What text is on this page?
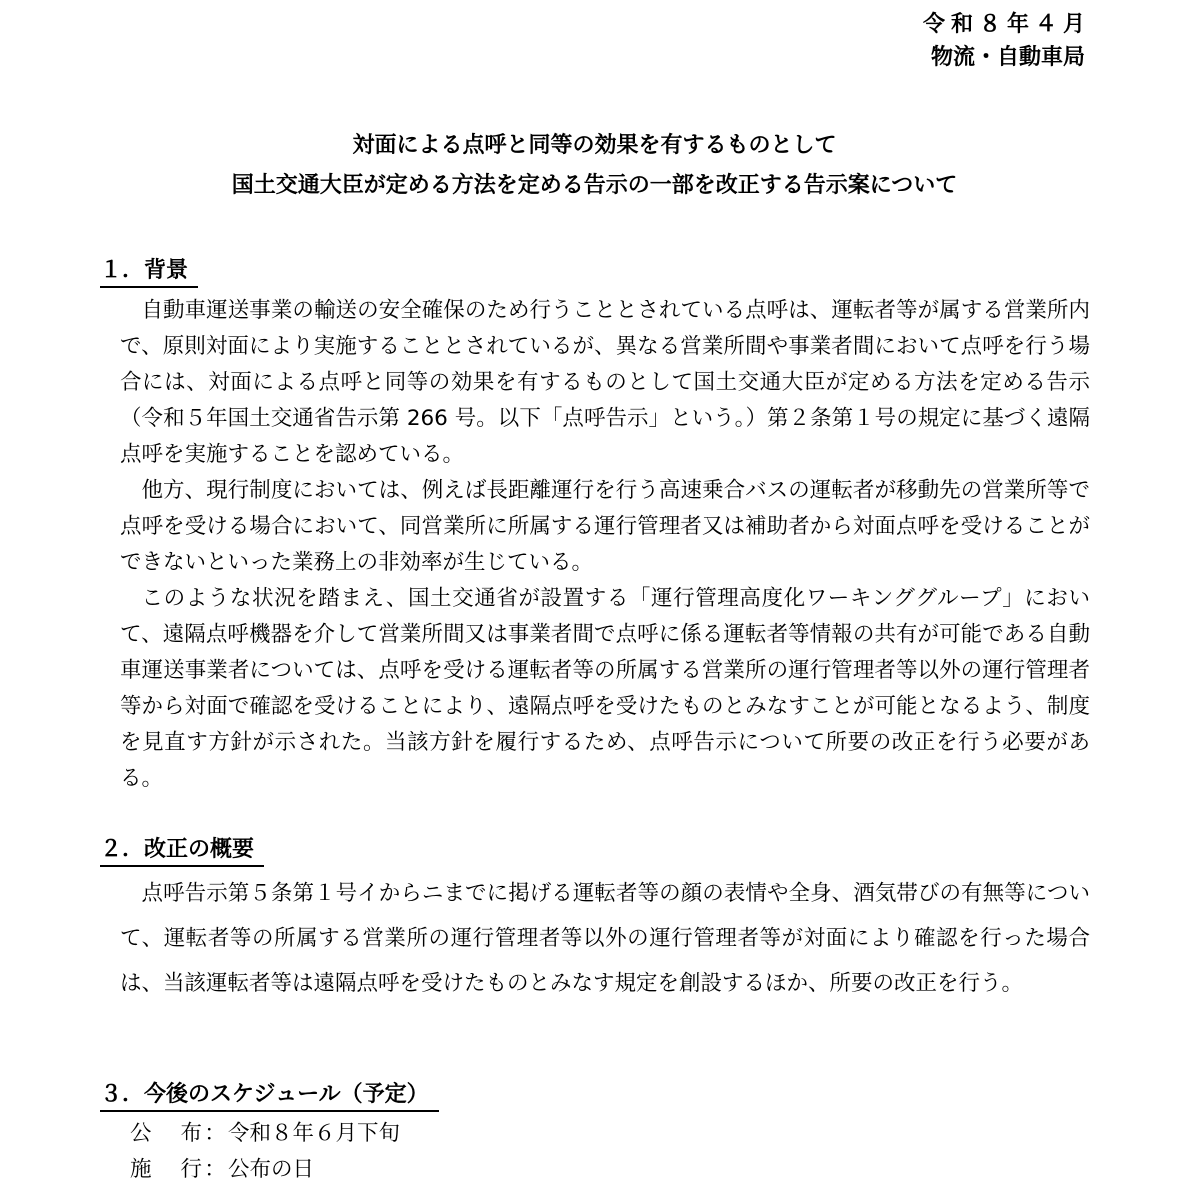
令和８年４月
物流・自動車局
対面による点呼と同等の効果を有するものとして
国土交通大臣が定める方法を定める告示の一部を改正する告示案について
１．背景

自動車運送事業の輸送の安全確保のため行うこととされている点呼は、運転者等が属する営業所内で、原則対面により実施することとされているが、異なる営業所間や事業者間において点呼を行う場合には、対面による点呼と同等の効果を有するものとして国土交通大臣が定める方法を定める告示（令和５年国土交通省告示第 266 号。以下「点呼告示」という。）第２条第１号の規定に基づく遠隔点呼を実施することを認めている。

他方、現行制度においては、例えば長距離運行を行う高速乗合バスの運転者が移動先の営業所等で点呼を受ける場合において、同営業所に所属する運行管理者又は補助者から対面点呼を受けることができないといった業務上の非効率が生じている。

このような状況を踏まえ、国土交通省が設置する「運行管理高度化ワーキンググループ」において、遠隔点呼機器を介して営業所間又は事業者間で点呼に係る運転者等情報の共有が可能である自動車運送事業者については、点呼を受ける運転者等の所属する営業所の運行管理者等以外の運行管理者等から対面で確認を受けることにより、遠隔点呼を受けたものとみなすことが可能となるよう、制度を見直す方針が示された。当該方針を履行するため、点呼告示について所要の改正を行う必要がある。

２．改正の概要

点呼告示第５条第１号イからニまでに掲げる運転者等の顔の表情や全身、酒気帯びの有無等について、運転者等の所属する営業所の運行管理者等以外の運行管理者等が対面により確認を行った場合は、当該運転者等は遠隔点呼を受けたものとみなす規定を創設するほか、所要の改正を行う。

３．今後のスケジュール（予定）
公 布 ： 令和８年６月下旬
施 行 ： 公布の日
